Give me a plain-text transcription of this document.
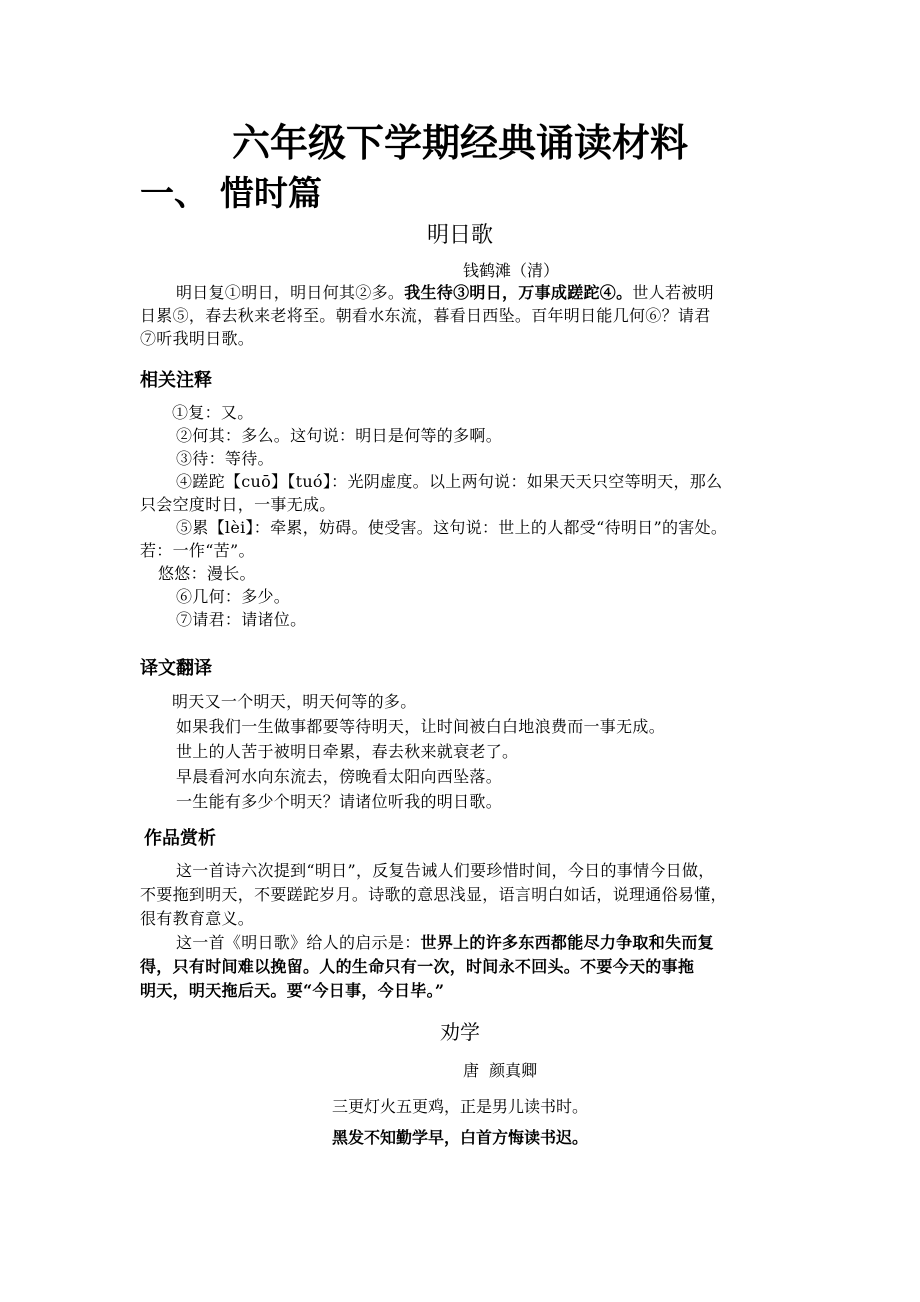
六年级下学期经典诵读材料
一、 惜时篇
明日歌
钱鹤滩（清）
明日复①明日，明日何其②多。我生待③明日，万事成蹉跎④。世人若被明
日累⑤，春去秋来老将至。朝看水东流，暮看日西坠。百年明日能几何⑥？请君
⑦听我明日歌。
相关注释
①复：又。
②何其：多么。这句说：明日是何等的多啊。
③待：等待。
④蹉跎【cuō】【tuó】：光阴虚度。以上两句说：如果天天只空等明天，那么
只会空度时日，一事无成。
⑤累【lèi】：牵累，妨碍。使受害。这句说：世上的人都受“待明日”的害处。
若：一作“苦”。
悠悠：漫长。
⑥几何：多少。
⑦请君：请诸位。
译文翻译
明天又一个明天，明天何等的多。
如果我们一生做事都要等待明天，让时间被白白地浪费而一事无成。
世上的人苦于被明日牵累，春去秋来就衰老了。
早晨看河水向东流去，傍晚看太阳向西坠落。
一生能有多少个明天？请诸位听我的明日歌。
作品赏析
这一首诗六次提到“明日”，反复告诫人们要珍惜时间，今日的事情今日做，
不要拖到明天，不要蹉跎岁月。诗歌的意思浅显，语言明白如话，说理通俗易懂，
很有教育意义。
这一首《明日歌》给人的启示是：世界上的许多东西都能尽力争取和失而复
得，只有时间难以挽留。人的生命只有一次，时间永不回头。不要今天的事拖
明天，明天拖后天。要“今日事，今日毕。”
劝学
唐  颜真卿
三更灯火五更鸡，正是男儿读书时。
黑发不知勤学早，白首方悔读书迟。
